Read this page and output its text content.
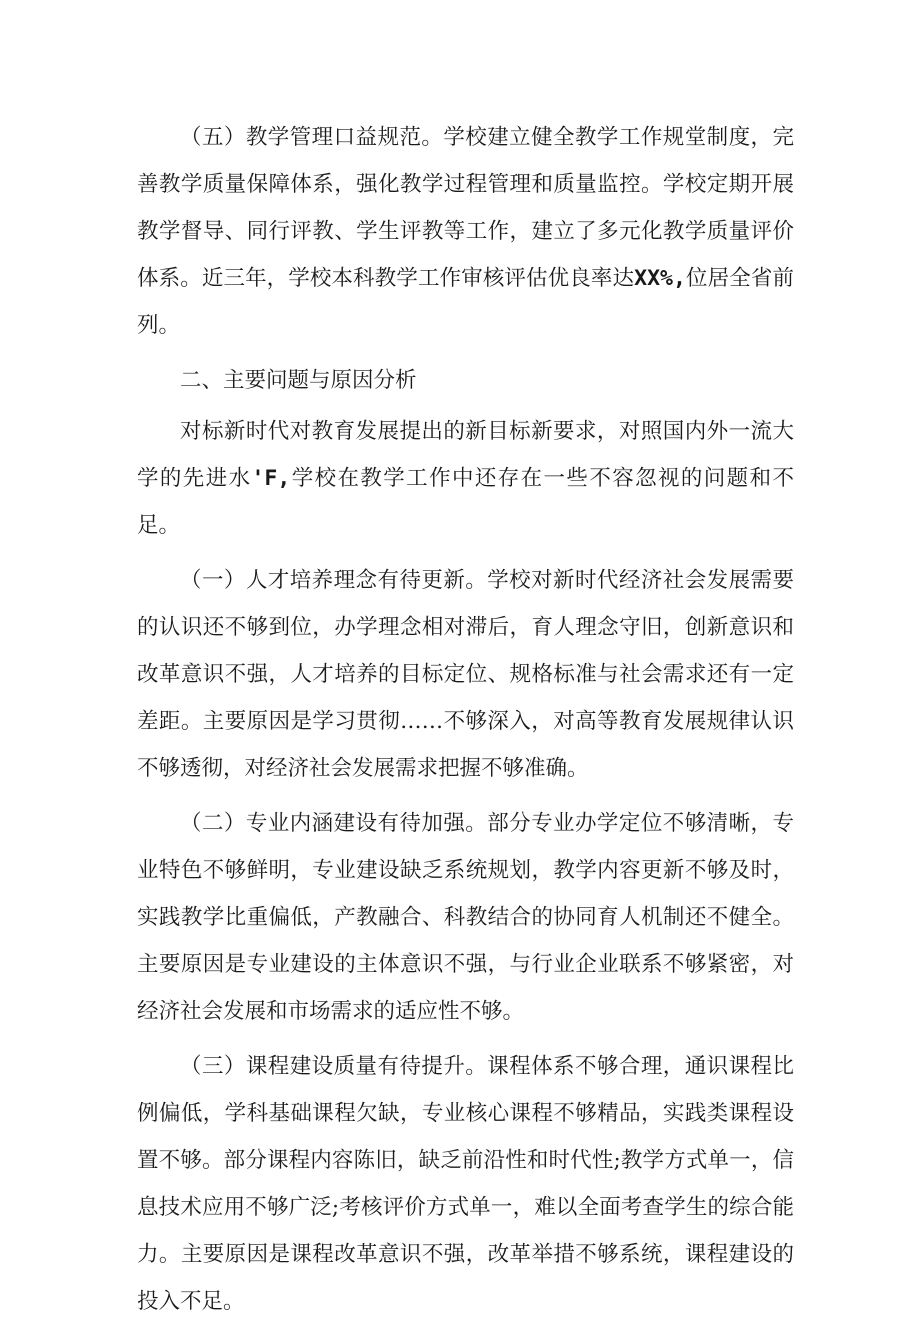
（五）教学管理口益规范。学校建立健全教学工作规堂制度，完善教学质量保障体系，强化教学过程管理和质量监控。学校定期开展教学督导、同行评教、学生评教等工作，建立了多元化教学质量评价体系。近三年，学校本科教学工作审核评估优良率达XX%,位居全省前列。

二、主要问题与原因分析

对标新时代对教育发展提出的新目标新要求，对照国内外一流大学的先进水'F,学校在教学工作中还存在一些不容忽视的问题和不足。

（一）人才培养理念有待更新。学校对新时代经济社会发展需要的认识还不够到位，办学理念相对滞后，育人理念守旧，创新意识和改革意识不强，人才培养的目标定位、规格标准与社会需求还有一定差距。主要原因是学习贯彻……不够深入，对高等教育发展规律认识不够透彻，对经济社会发展需求把握不够准确。

（二）专业内涵建设有待加强。部分专业办学定位不够清晰，专业特色不够鲜明，专业建设缺乏系统规划，教学内容更新不够及时，实践教学比重偏低，产教融合、科教结合的协同育人机制还不健全。主要原因是专业建设的主体意识不强，与行业企业联系不够紧密，对经济社会发展和市场需求的适应性不够。

（三）课程建设质量有待提升。课程体系不够合理，通识课程比例偏低，学科基础课程欠缺，专业核心课程不够精品，实践类课程设置不够。部分课程内容陈旧，缺乏前沿性和时代性;教学方式单一，信息技术应用不够广泛;考核评价方式单一，难以全面考查学生的综合能力。主要原因是课程改革意识不强，改革举措不够系统，课程建设的投入不足。
